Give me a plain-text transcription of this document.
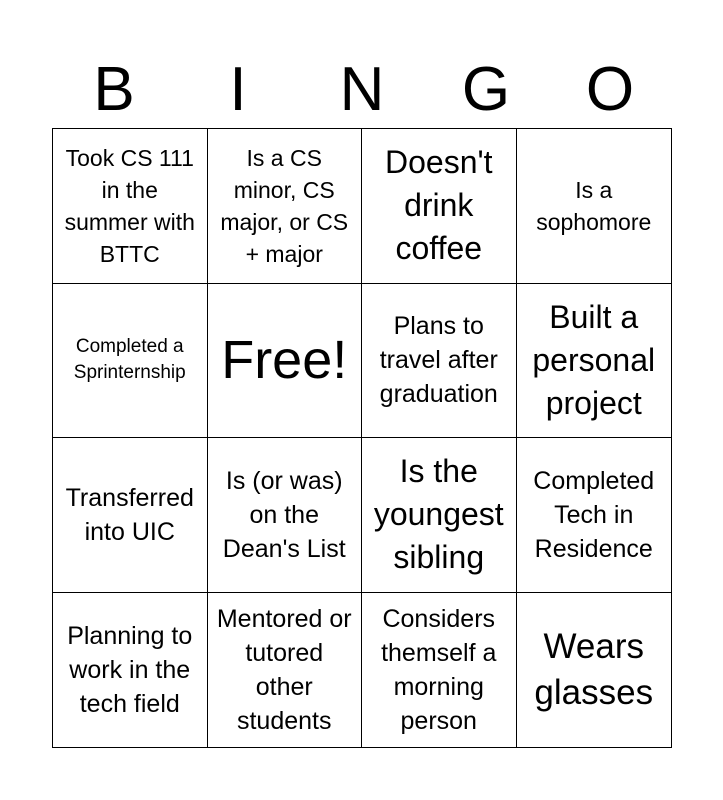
B	I	N	G	O
Took CS 111 in the summer with BTTC
Is a CS minor, CS major, or CS + major
Doesn't drink coffee
Is a sophomore
Completed a Sprinternship Free!
Plans to travel after graduation
Built a personal project
Transferred into UIC
Is (or was) on the Dean's List
Is the youngest sibling
Completed Tech in Residence
Planning to work in the tech field
Mentored or tutored other students
Considers themself a morning person
Wears glasses
